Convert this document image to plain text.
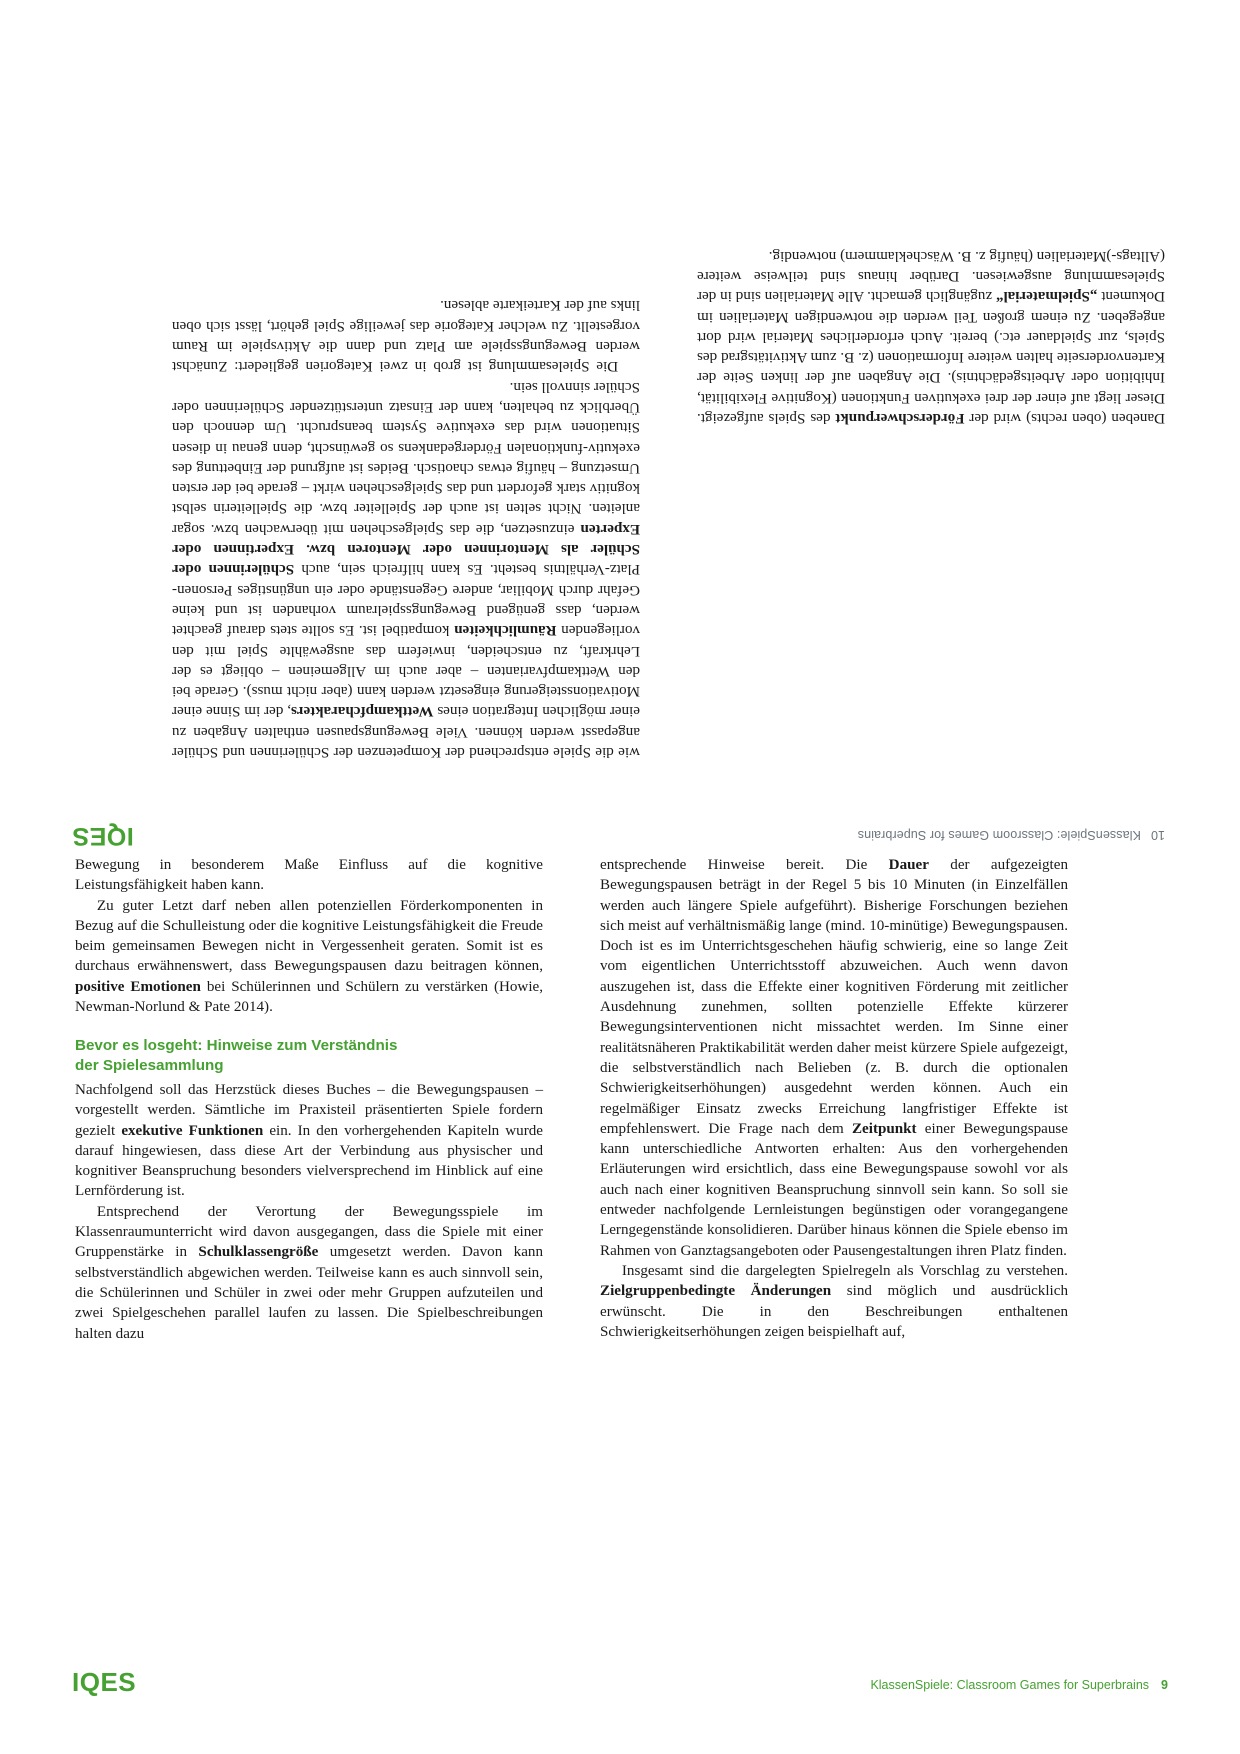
10KlassenSpiele: Classroom Games for Superbrains
IQES

Daneben (oben rechts) wird der Förderschwerpunkt des Spiels aufgezeigt. Dieser liegt auf einer der drei exekutiven Funktionen (Kognitive Flexibilität, Inhibition oder Arbeitsgedächtnis). Die Angaben auf der linken Seite der Kartenvorderseite halten weitere Informationen (z. B. zum Aktivitätsgrad des Spiels, zur Spieldauer etc.) bereit. Auch erforderliches Material wird dort angegeben. Zu einem großen Teil werden die notwendigen Materialien im Dokument „Spielmaterial“ zugänglich gemacht. Alle Materialien sind in der Spielesammlung ausgewiesen. Darüber hinaus sind teilweise weitere (Alltags-)Materialien (häufig z. B. Wäscheklammern) notwendig.

wie die Spiele entsprechend der Kompetenzen der Schülerinnen und Schüler angepasst werden können. Viele Bewegungspausen enthalten Angaben zu einer möglichen Integration eines Wettkampfcharakters, der im Sinne einer Motivationssteigerung eingesetzt werden kann (aber nicht muss). Gerade bei den Wettkampfvarianten – aber auch im Allgemeinen – obliegt es der Lehrkraft, zu entscheiden, inwiefern das ausgewählte Spiel mit den vorliegenden Räumlichkeiten kompatibel ist. Es sollte stets darauf geachtet werden, dass genügend Bewegungsspielraum vorhanden ist und keine Gefahr durch Mobiliar, andere Gegenstände oder ein ungünstiges Personen-Platz-Verhältnis besteht. Es kann hilfreich sein, auch Schülerinnen oder Schüler als Mentorinnen oder Mentoren bzw. Expertinnen oder Experten einzusetzen, die das Spielgeschehen mit überwachen bzw. sogar anleiten. Nicht selten ist auch der Spielleiter bzw. die Spielleiterin selbst kognitiv stark gefordert und das Spielgeschehen wirkt – gerade bei der ersten Umsetzung – häufig etwas chaotisch. Beides ist aufgrund der Einbettung des exekutiv-funktionalen Fördergedankens so gewünscht, denn genau in diesen Situationen wird das exekutive System beansprucht. Um dennoch den Überblick zu behalten, kann der Einsatz unterstützender Schülerinnen oder Schüler sinnvoll sein.

Die Spielesammlung ist grob in zwei Kategorien gegliedert: Zunächst werden Bewegungsspiele am Platz und dann die Aktivspiele im Raum vorgestellt. Zu welcher Kategorie das jeweilige Spiel gehört, lässt sich oben links auf der Karteikarte ablesen.

Bewegung in besonderem Maße Einfluss auf die kognitive Leistungsfähigkeit haben kann.

Zu guter Letzt darf neben allen potenziellen Förderkomponenten in Bezug auf die Schulleistung oder die kognitive Leistungsfähigkeit die Freude beim gemeinsamen Bewegen nicht in Vergessenheit geraten. Somit ist es durchaus erwähnenswert, dass Bewegungspausen dazu beitragen können, positive Emotionen bei Schülerinnen und Schülern zu verstärken (Howie, Newman-Norlund & Pate 2014).

Bevor es losgeht: Hinweise zum Verständnis
der Spielesammlung

Nachfolgend soll das Herzstück dieses Buches – die Bewegungspausen – vorgestellt werden. Sämtliche im Praxisteil präsentierten Spiele fordern gezielt exekutive Funktionen ein. In den vorhergehenden Kapiteln wurde darauf hingewiesen, dass diese Art der Verbindung aus physischer und kognitiver Beanspruchung besonders vielversprechend im Hinblick auf eine Lernförderung ist.

Entsprechend der Verortung der Bewegungsspiele im Klassenraumunterricht wird davon ausgegangen, dass die Spiele mit einer Gruppenstärke in Schulklassengröße umgesetzt werden. Davon kann selbstverständlich abgewichen werden. Teilweise kann es auch sinnvoll sein, die Schülerinnen und Schüler in zwei oder mehr Gruppen aufzuteilen und zwei Spielgeschehen parallel laufen zu lassen. Die Spielbeschreibungen halten dazu

entsprechende Hinweise bereit. Die Dauer der aufgezeigten Bewegungspausen beträgt in der Regel 5 bis 10 Minuten (in Einzelfällen werden auch längere Spiele aufgeführt). Bisherige Forschungen beziehen sich meist auf verhältnismäßig lange (mind. 10-minütige) Bewegungspausen. Doch ist es im Unterrichtsgeschehen häufig schwierig, eine so lange Zeit vom eigentlichen Unterrichtsstoff abzuweichen. Auch wenn davon auszugehen ist, dass die Effekte einer kognitiven Förderung mit zeitlicher Ausdehnung zunehmen, sollten potenzielle Effekte kürzerer Bewegungsinterventionen nicht missachtet werden. Im Sinne einer realitätsnäheren Praktikabilität werden daher meist kürzere Spiele aufgezeigt, die selbstverständlich nach Belieben (z. B. durch die optionalen Schwierigkeitserhöhungen) ausgedehnt werden können. Auch ein regelmäßiger Einsatz zwecks Erreichung langfristiger Effekte ist empfehlenswert. Die Frage nach dem Zeitpunkt einer Bewegungspause kann unterschiedliche Antworten erhalten: Aus den vorhergehenden Erläuterungen wird ersichtlich, dass eine Bewegungspause sowohl vor als auch nach einer kognitiven Beanspruchung sinnvoll sein kann. So soll sie entweder nachfolgende Lernleistungen begünstigen oder vorangegangene Lerngegenstände konsolidieren. Darüber hinaus können die Spiele ebenso im Rahmen von Ganztagsangeboten oder Pausengestaltungen ihren Platz finden.

Insgesamt sind die dargelegten Spielregeln als Vorschlag zu verstehen. Zielgruppenbedingte Änderungen sind möglich und ausdrücklich erwünscht. Die in den Beschreibungen enthaltenen Schwierigkeitserhöhungen zeigen beispielhaft auf,

IQES	KlassenSpiele: Classroom Games for Superbrains 9
